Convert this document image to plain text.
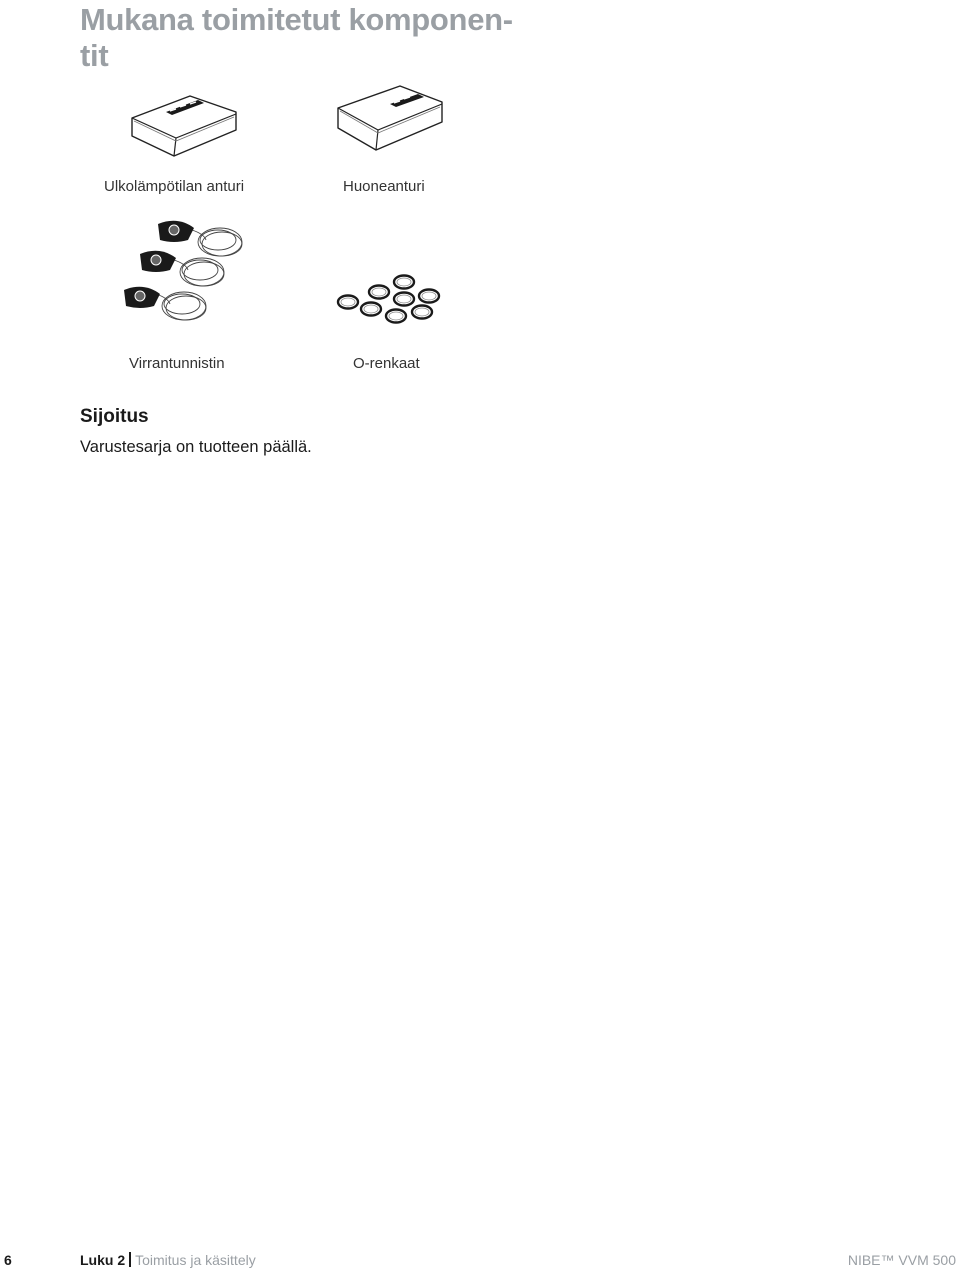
Mukana toimitetut komponen-
tit
Ulkolämpötilan anturi	Huoneanturi
Virrantunnistin	O-renkaat
Sijoitus

Varustesarja on tuotteen päällä.

6	Luku 2 Toimitus ja käsittely	NIBE™ VVM 500
